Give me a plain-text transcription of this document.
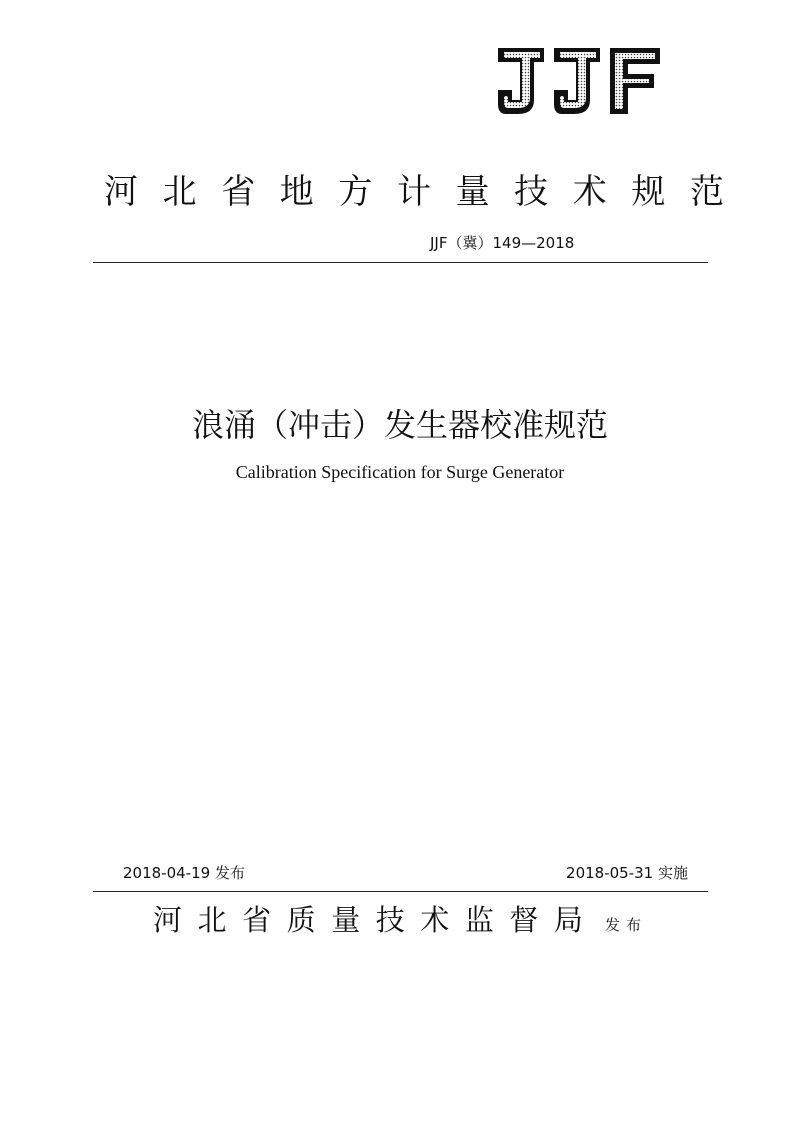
河 北 省 地 方 计 量 技 术 规 范
JJF（冀）149—2018
浪涌（冲击）发生器校准规范
Calibration Specification for Surge Generator
2018-04-19 发布	2018-05-31 实施
河 北 省 质 量 技 术 监 督 局 发布
